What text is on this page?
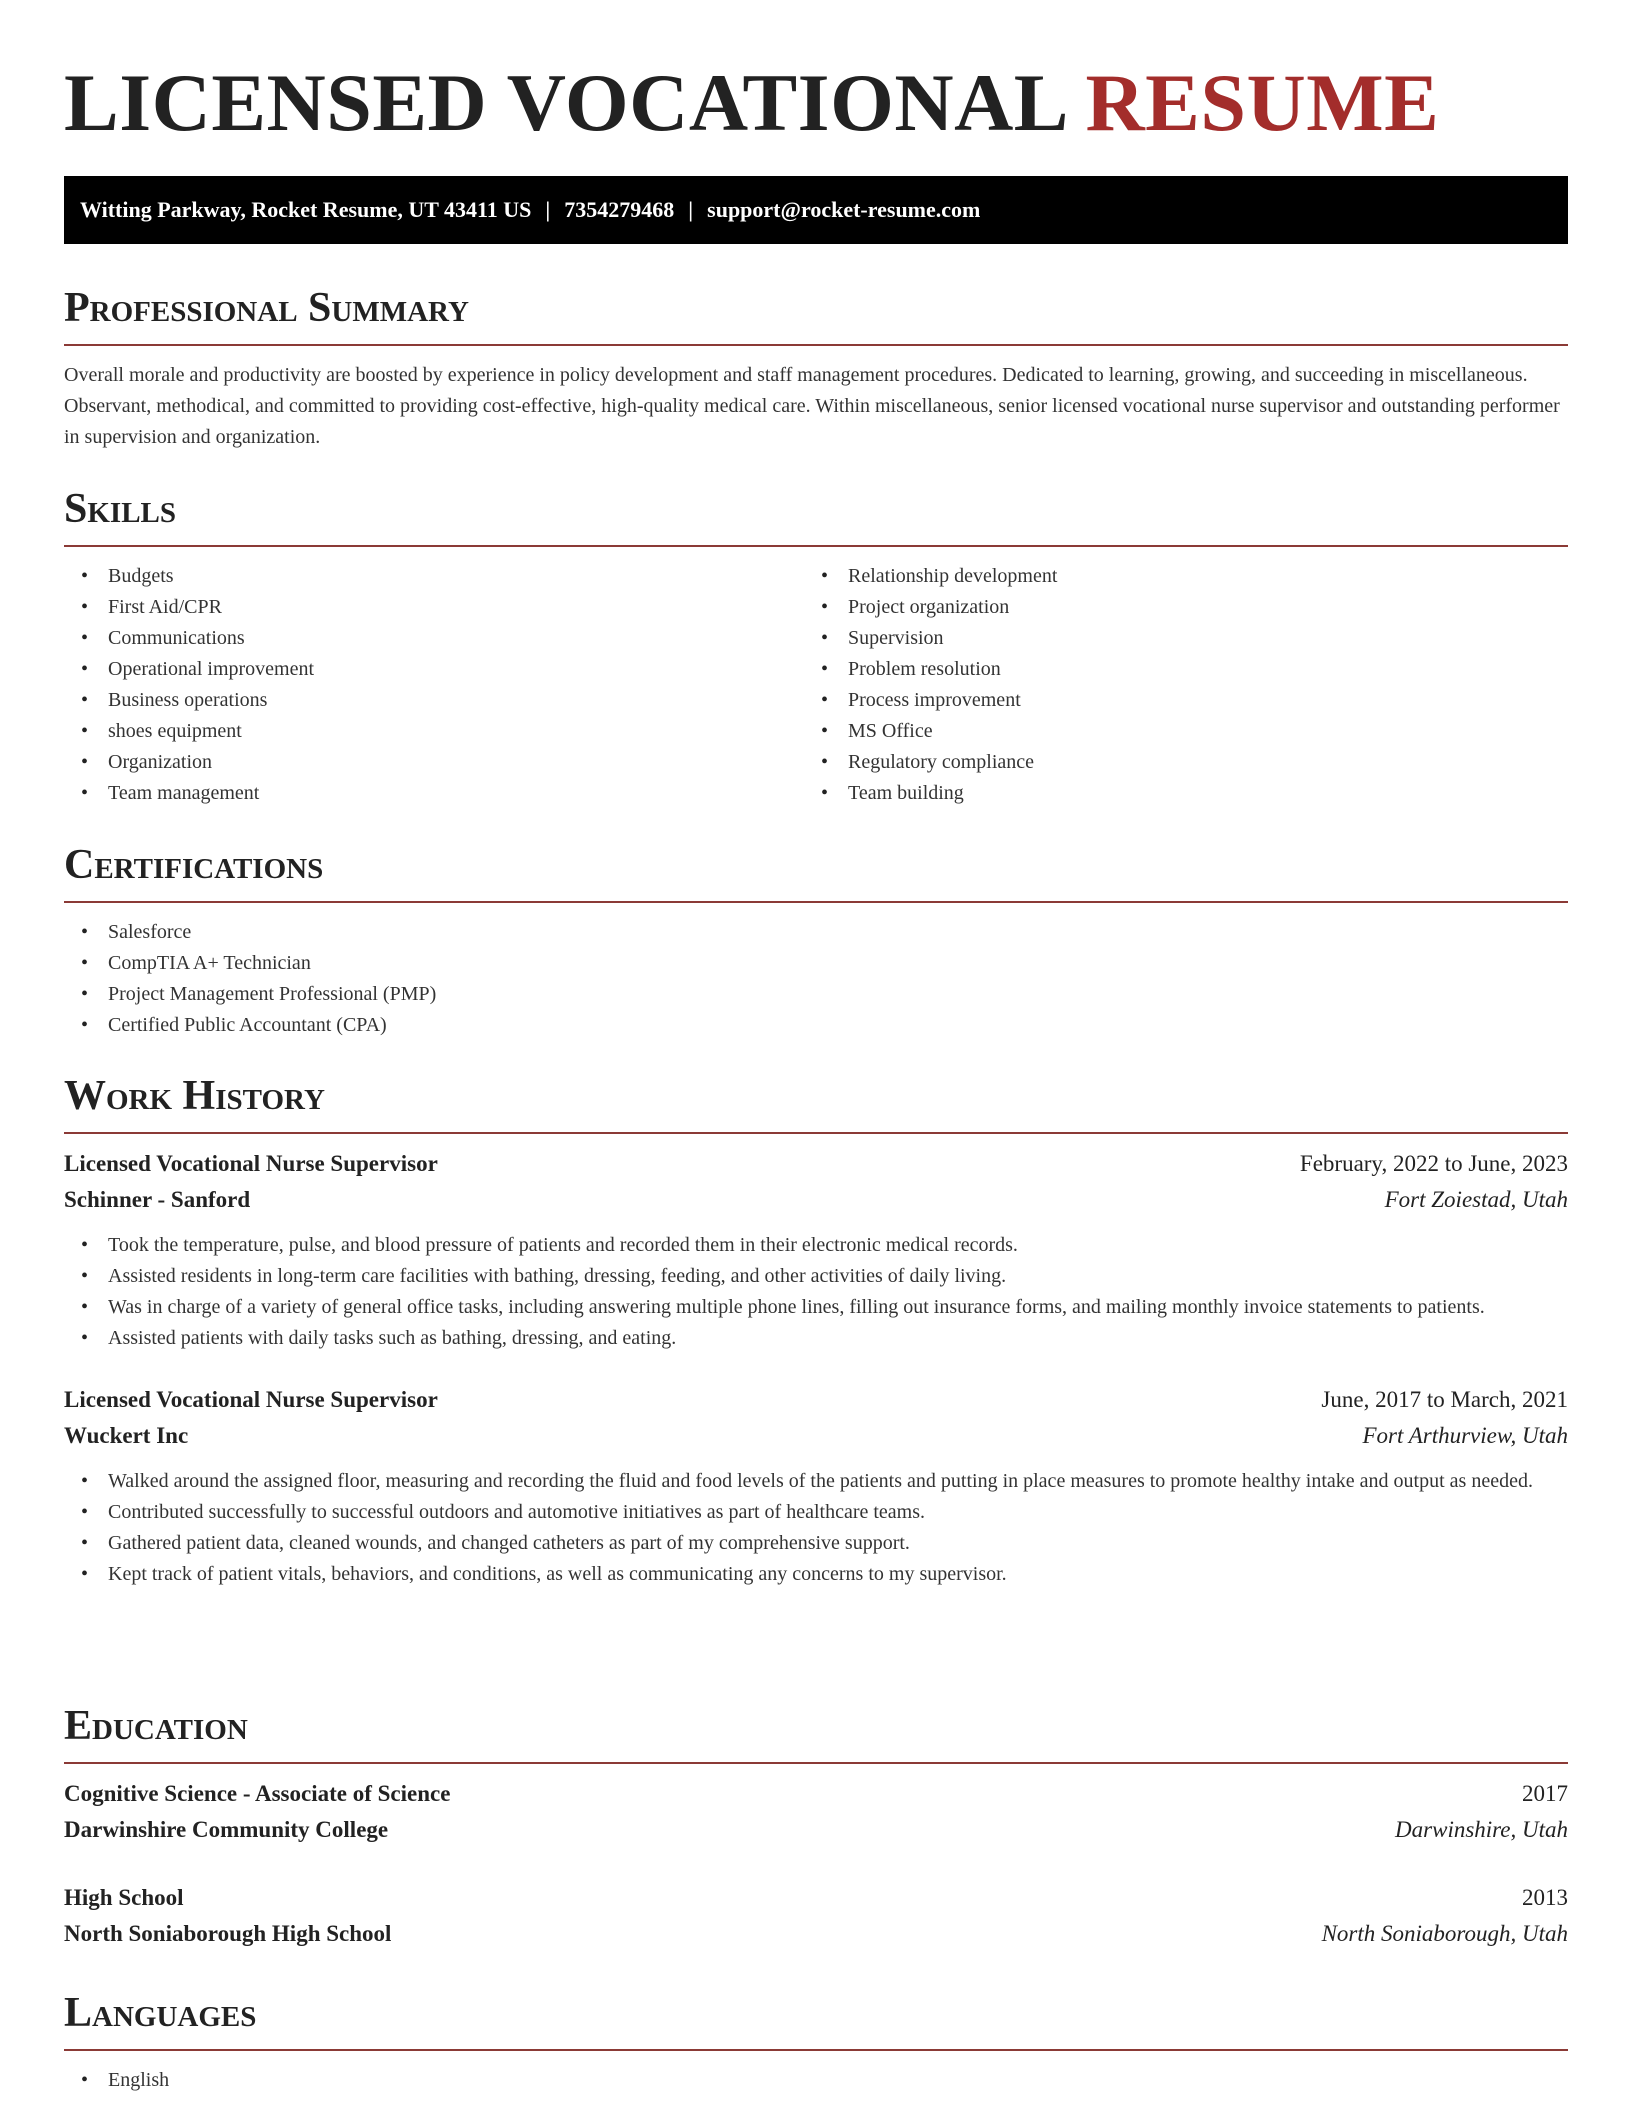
LICENSED VOCATIONAL RESUME
Witting Parkway, Rocket Resume, UT 43411 US | 7354279468 | support@rocket-resume.com
Professional Summary

Overall morale and productivity are boosted by experience in policy development and staff management procedures. Dedicated to learning, growing, and succeeding in miscellaneous. Observant, methodical, and committed to providing cost-effective, high-quality medical care. Within miscellaneous, senior licensed vocational nurse supervisor and outstanding performer in supervision and organization.

Skills
• Budgets
• First Aid/CPR
• Communications
• Operational improvement
• Business operations
• shoes equipment
• Organization
• Team management
• Relationship development
• Project organization
• Supervision
• Problem resolution
• Process improvement
• MS Office
• Regulatory compliance
• Team building
Certifications
• Salesforce
• CompTIA A+ Technician
• Project Management Professional (PMP)
• Certified Public Accountant (CPA)
Work History
Licensed Vocational Nurse Supervisor	February, 2022 to June, 2023
Schinner - Sanford	Fort Zoiestad, Utah
• Took the temperature, pulse, and blood pressure of patients and recorded them in their electronic medical records.
• Assisted residents in long-term care facilities with bathing, dressing, feeding, and other activities of daily living.
• Was in charge of a variety of general office tasks, including answering multiple phone lines, filling out insurance forms, and mailing monthly invoice statements to patients.
• Assisted patients with daily tasks such as bathing, dressing, and eating.
Licensed Vocational Nurse Supervisor	June, 2017 to March, 2021
Wuckert Inc	Fort Arthurview, Utah
• Walked around the assigned floor, measuring and recording the fluid and food levels of the patients and putting in place measures to promote healthy intake and output as needed.
• Contributed successfully to successful outdoors and automotive initiatives as part of healthcare teams.
• Gathered patient data, cleaned wounds, and changed catheters as part of my comprehensive support.
• Kept track of patient vitals, behaviors, and conditions, as well as communicating any concerns to my supervisor.
Education
Cognitive Science - Associate of Science	2017
Darwinshire Community College	Darwinshire, Utah
High School	2013
North Soniaborough High School	North Soniaborough, Utah
Languages
• English
